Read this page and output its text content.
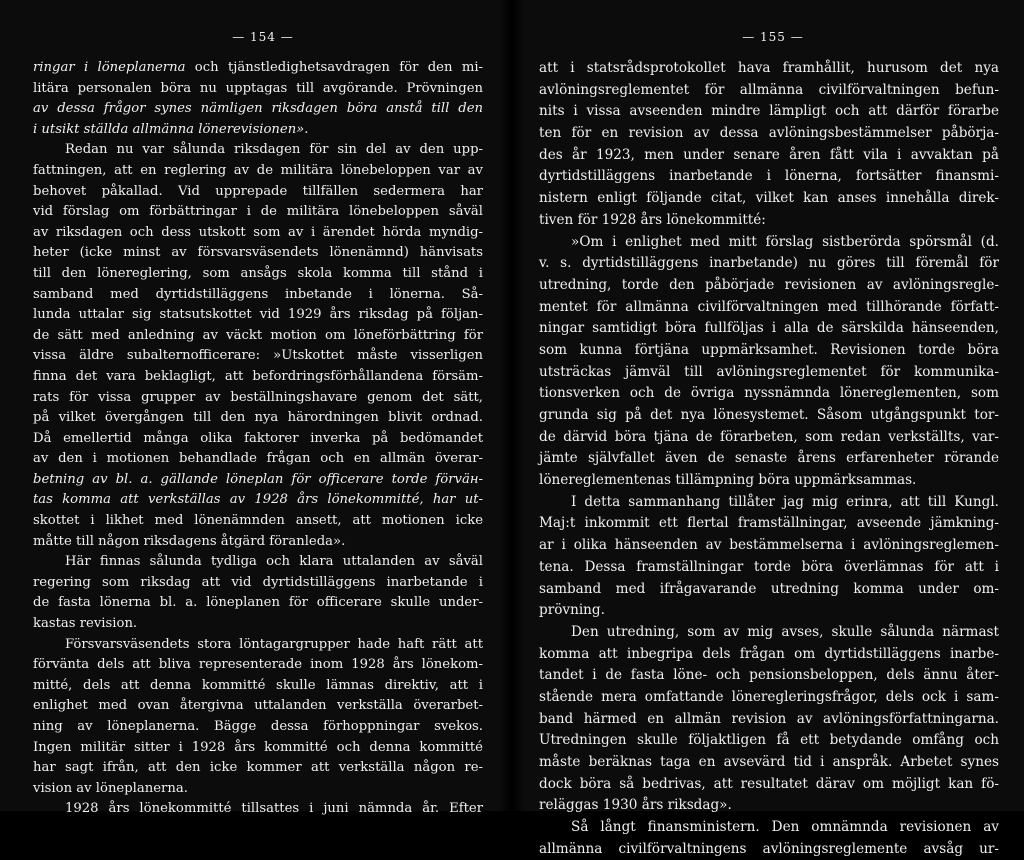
— 154 —
ringar i löneplanerna och tjänstledighetsavdragen för den mi-
litära personalen böra nu upptagas till avgörande. Prövningen
av dessa frågor synes nämligen riksdagen böra anstå till den
i utsikt ställda allmänna lönerevisionen».
Redan nu var sålunda riksdagen för sin del av den upp-
fattningen, att en reglering av de militära lönebeloppen var av
behovet påkallad. Vid upprepade tillfällen sedermera har
vid förslag om förbättringar i de militära lönebeloppen såväl
av riksdagen och dess utskott som av i ärendet hörda myndig-
heter (icke minst av försvarsväsendets lönenämnd) hänvisats
till den lönereglering, som ansågs skola komma till stånd i
samband med dyrtidstilläggens inbetande i lönerna. Så-
lunda uttalar sig statsutskottet vid 1929 års riksdag på följan-
de sätt med anledning av väckt motion om löneförbättring för
vissa äldre subalternofficerare: »Utskottet måste visserligen
finna det vara beklagligt, att befordringsförhållandena försäm-
rats för vissa grupper av beställningshavare genom det sätt,
på vilket övergången till den nya härordningen blivit ordnad.
Då emellertid många olika faktorer inverka på bedömandet
av den i motionen behandlade frågan och en allmän överar-
betning av bl. a. gällande löneplan för officerare torde förväн-
tas komma att verkställas av 1928 års lönekommitté, har ut-
skottet i likhet med lönenämnden ansett, att motionen icke
måtte till någon riksdagens åtgärd föranleda».
Här finnas sålunda tydliga och klara uttalanden av såväl
regering som riksdag att vid dyrtidstilläggens inarbetande i
de fasta lönerna bl. a. löneplanen för officerare skulle under-
kastas revision.
Försvarsväsendets stora löntagargrupper hade haft rätt att
förvänta dels att bliva representerade inom 1928 års lönekom-
mitté, dels att denna kommitté skulle lämnas direktiv, att i
enlighet med ovan återgivna uttalanden verkställa överarbet-
ning av löneplanerna. Bägge dessa förhoppningar svekos.
Ingen militär sitter i 1928 års kommitté och denna kommitté
har sagt ifrån, att den icke kommer att verkställa någon re-
vision av löneplanerna.
1928 års lönekommitté tillsattes i juni nämnda år. Efter
— 155 —
att i statsrådsprotokollet hava framhållit, hurusom det nya
avlöningsreglementet för allmänna civilförvaltningen befun-
nits i vissa avseenden mindre lämpligt och att därför förarbe
ten för en revision av dessa avlöningsbestämmelser påbörja-
des år 1923, men under senare åren fått vila i avvaktan på
dyrtidstilläggens inarbetande i lönerna, fortsätter finansmi-
nistern enligt följande citat, vilket kan anses innehålla direk-
tiven för 1928 års lönekommitté:
»Om i enlighet med mitt förslag sistberörda spörsmål (d.
v. s. dyrtidstilläggens inarbetande) nu göres till föremål för
utredning, torde den påbörjade revisionen av avlöningsregle-
mentet för allmänna civilförvaltningen med tillhörande författ-
ningar samtidigt böra fullföljas i alla de särskilda hänseenden,
som kunna förtjäna uppmärksamhet. Revisionen torde böra
utsträckas jämväl till avlöningsreglementet för kommunika-
tionsverken och de övriga nyssnämnda lönereglementen, som
grunda sig på det nya lönesystemet. Såsom utgångspunkt tor-
de därvid böra tjäna de förarbeten, som redan verkställts, var-
jämte självfallet även de senaste årens erfarenheter rörande
lönereglementenas tillämpning böra uppmärksammas.
I detta sammanhang tillåter jag mig erinra, att till Kungl.
Maj:t inkommit ett flertal framställningar, avseende jämkning-
ar i olika hänseenden av bestämmelserna i avlöningsreglemen-
tena. Dessa framställningar torde böra överlämnas för att i
samband med ifrågavarande utredning komma under om-
prövning.
Den utredning, som av mig avses, skulle sålunda närmast
komma att inbegripa dels frågan om dyrtidstilläggens inarbe-
tandet i de fasta löne- och pensionsbeloppen, dels ännu åter-
stående mera omfattande löneregleringsfrågor, dels ock i sam-
band härmed en allmän revision av avlöningsförfattningarna.
Utredningen skulle följaktligen få ett betydande omfång och
måste beräknas taga en avsevärd tid i anspråk. Arbetet synes
dock böra så bedrivas, att resultatet därav om möjligt kan fö-
reläggas 1930 års riksdag».
Så långt finansministern. Den omnämnda revisionen av
allmänna civilförvaltningens avlöningsreglemente avsåg ur-
